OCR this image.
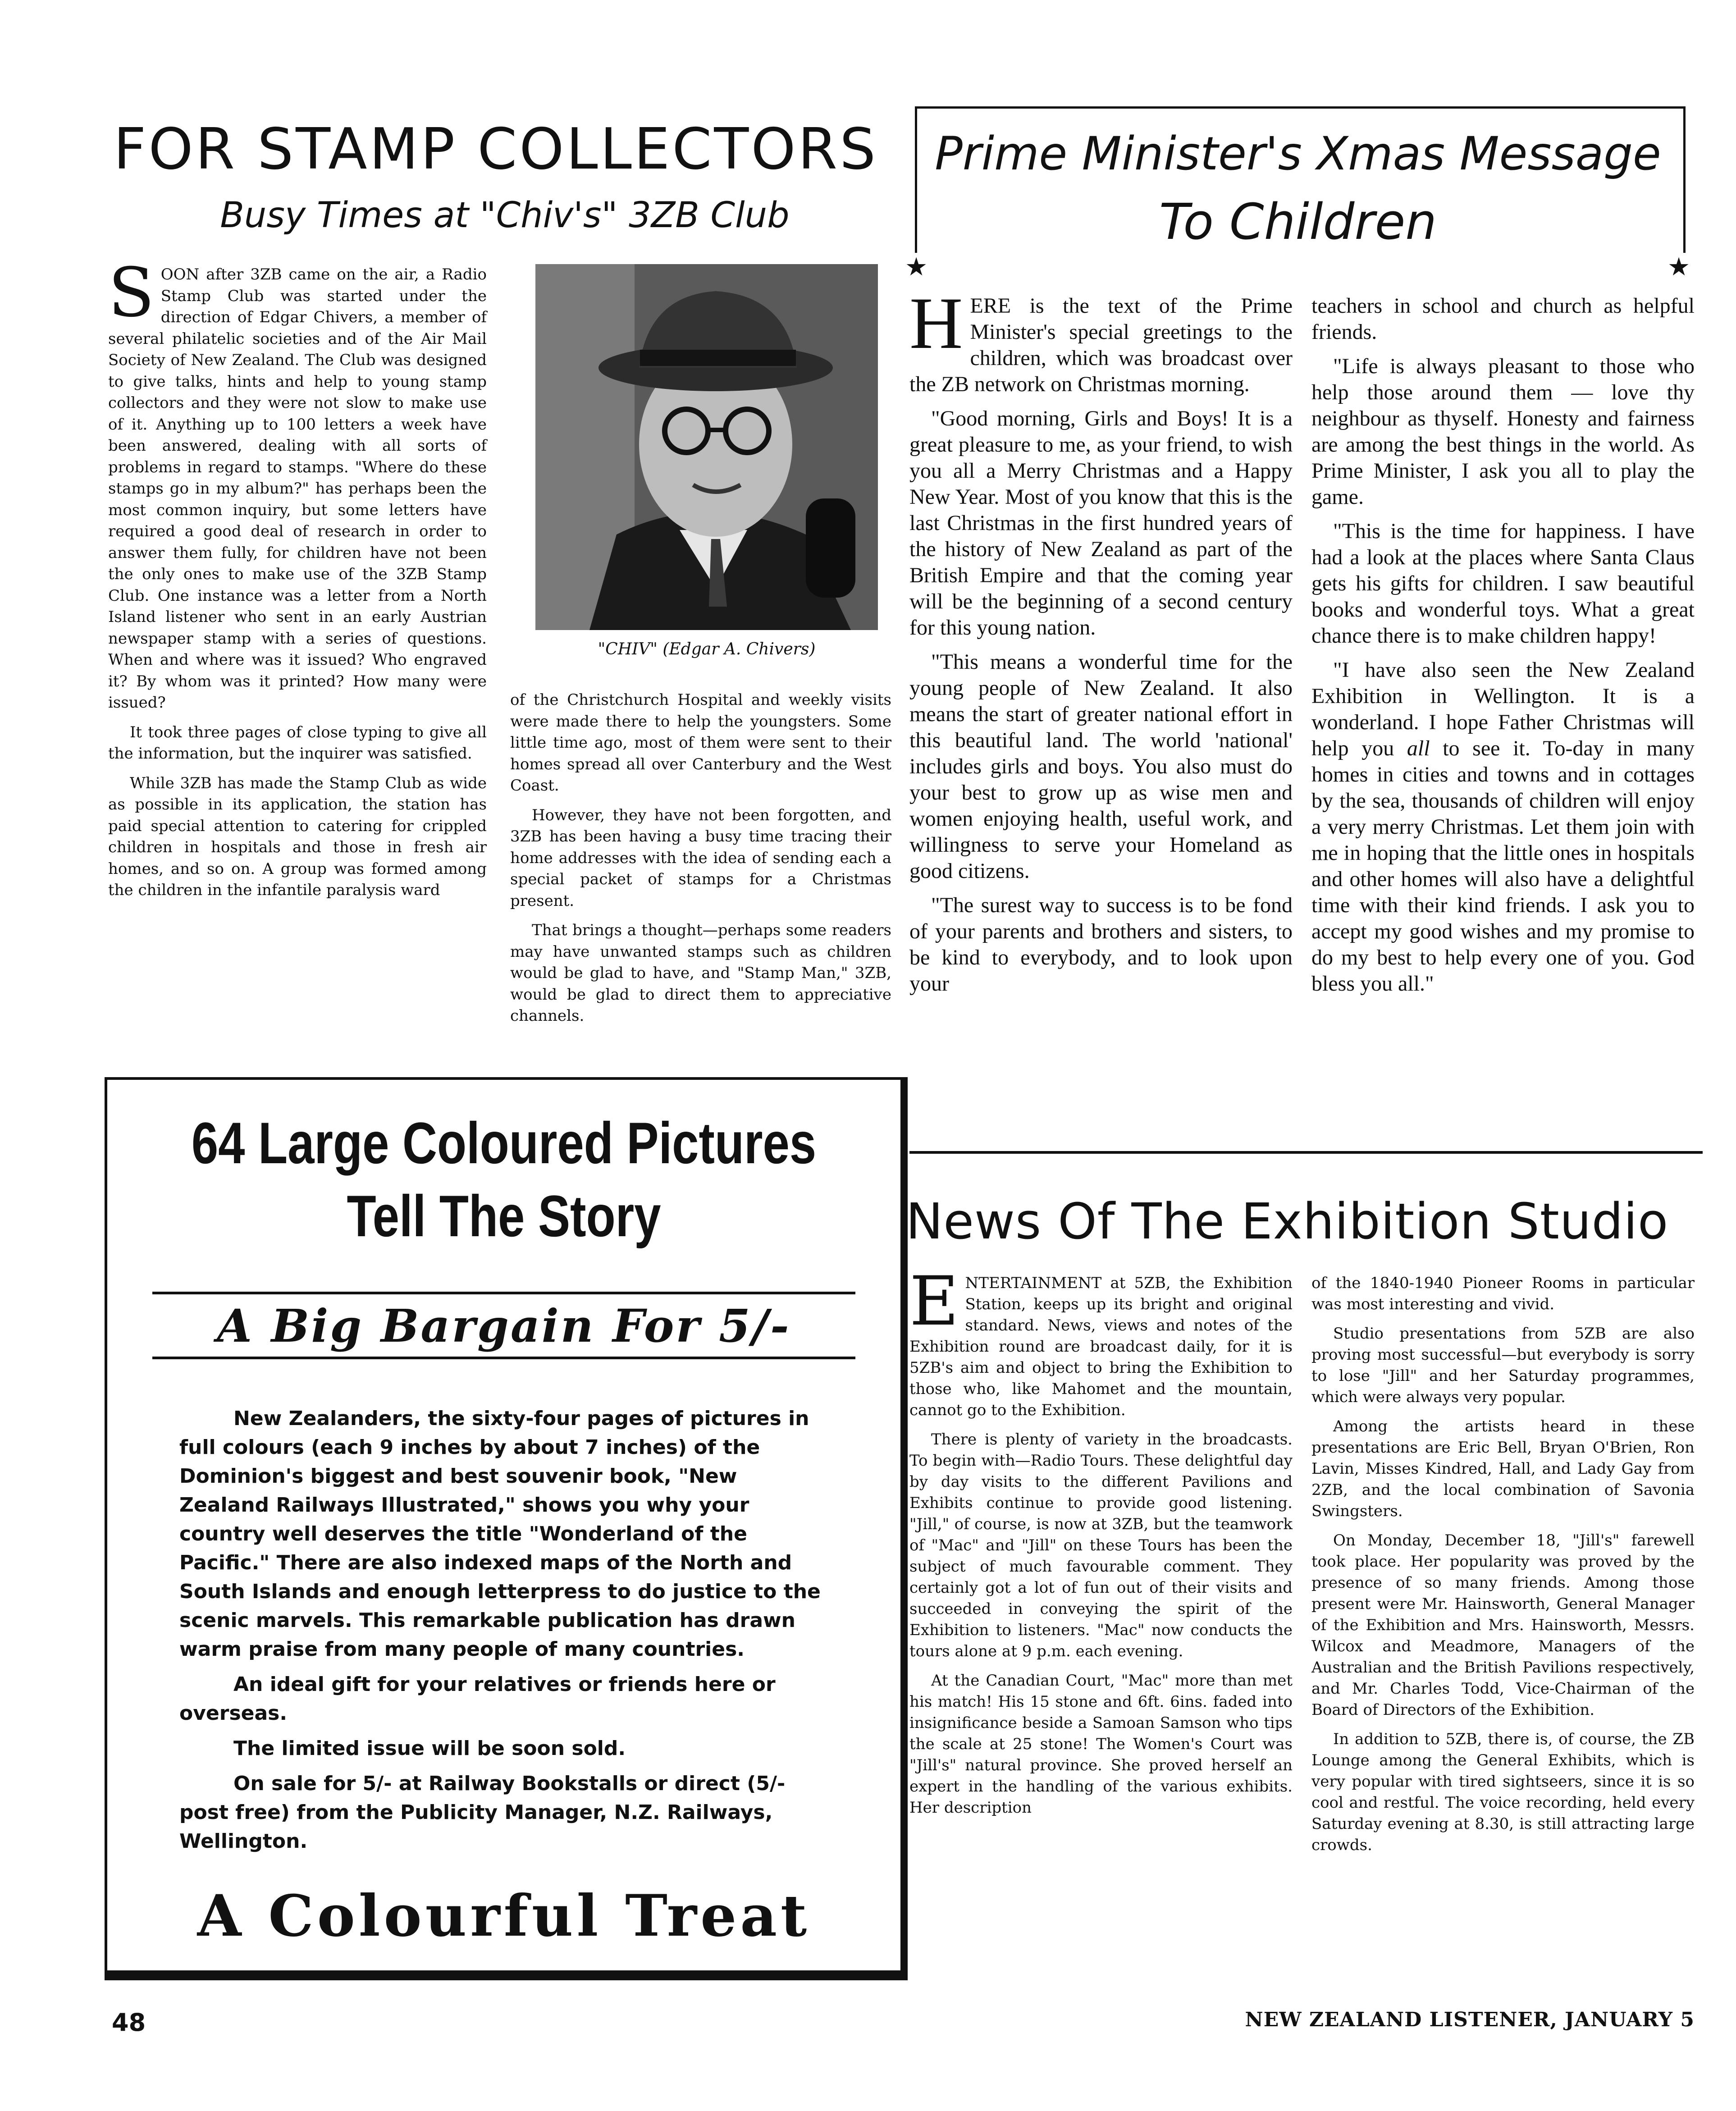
FOR STAMP COLLECTORS
Busy Times at "Chiv's" 3ZB Club
"CHIV" (Edgar A. Chivers)

SOON after 3ZB came on the air, a Radio Stamp Club was started under the direction of Edgar Chivers, a member of several philatelic societies and of the Air Mail Society of New Zealand. The Club was designed to give talks, hints and help to young stamp collectors and they were not slow to make use of it. Anything up to 100 letters a week have been answered, dealing with all sorts of problems in regard to stamps. "Where do these stamps go in my album?" has perhaps been the most common inquiry, but some letters have required a good deal of research in order to answer them fully, for children have not been the only ones to make use of the 3ZB Stamp Club. One instance was a letter from a North Island listener who sent in an early Austrian newspaper stamp with a series of questions. When and where was it issued? Who engraved it? By whom was it printed? How many were issued?

It took three pages of close typing to give all the information, but the inquirer was satisfied.

While 3ZB has made the Stamp Club as wide as possible in its application, the station has paid special attention to catering for crippled children in hospitals and those in fresh air homes, and so on. A group was formed among the children in the infantile paralysis ward

of the Christchurch Hospital and weekly visits were made there to help the youngsters. Some little time ago, most of them were sent to their homes spread all over Canterbury and the West Coast.

However, they have not been forgotten, and 3ZB has been having a busy time tracing their home addresses with the idea of sending each a special packet of stamps for a Christmas present.

That brings a thought—perhaps some readers may have unwanted stamps such as children would be glad to have, and "Stamp Man," 3ZB, would be glad to direct them to appreciative channels.

Prime Minister's Xmas Message
To Children
★	★

HERE is the text of the Prime Minister's special greetings to the children, which was broadcast over the ZB network on Christmas morning.

"Good morning, Girls and Boys! It is a great pleasure to me, as your friend, to wish you all a Merry Christmas and a Happy New Year. Most of you know that this is the last Christmas in the first hundred years of the history of New Zealand as part of the British Empire and that the coming year will be the beginning of a second century for this young nation.

"This means a wonderful time for the young people of New Zealand. It also means the start of greater national effort in this beautiful land. The world 'national' includes girls and boys. You also must do your best to grow up as wise men and women enjoying health, useful work, and willingness to serve your Homeland as good citizens.

"The surest way to success is to be fond of your parents and brothers and sisters, to be kind to everybody, and to look upon your

teachers in school and church as helpful friends.

"Life is always pleasant to those who help those around them — love thy neighbour as thyself. Honesty and fairness are among the best things in the world. As Prime Minister, I ask you all to play the game.

"This is the time for happiness. I have had a look at the places where Santa Claus gets his gifts for children. I saw beautiful books and wonderful toys. What a great chance there is to make children happy!

"I have also seen the New Zealand Exhibition in Wellington. It is a wonderland. I hope Father Christmas will help you all to see it. To-day in many homes in cities and towns and in cottages by the sea, thousands of children will enjoy a very merry Christmas. Let them join with me in hoping that the little ones in hospitals and other homes will also have a delightful time with their kind friends. I ask you to accept my good wishes and my promise to do my best to help every one of you. God bless you all."

64 Large Coloured Pictures
Tell The Story
A Big Bargain For 5/-

New Zealanders, the sixty-four pages of pictures in full colours (each 9 inches by about 7 inches) of the Dominion's biggest and best souvenir book, "New Zealand Railways Illustrated," shows you why your country well deserves the title "Wonderland of the Pacific." There are also indexed maps of the North and South Islands and enough letterpress to do justice to the scenic marvels. This remarkable publication has drawn warm praise from many people of many countries.

An ideal gift for your relatives or friends here or overseas.

The limited issue will be soon sold.

On sale for 5/- at Railway Bookstalls or direct (5/- post free) from the Publicity Manager, N.Z. Railways, Wellington.

A Colourful Treat
News Of The Exhibition Studio

ENTERTAINMENT at 5ZB, the Exhibition Station, keeps up its bright and original standard. News, views and notes of the Exhibition round are broadcast daily, for it is 5ZB's aim and object to bring the Exhibition to those who, like Mahomet and the mountain, cannot go to the Exhibition.

There is plenty of variety in the broadcasts. To begin with—Radio Tours. These delightful day by day visits to the different Pavilions and Exhibits continue to provide good listening. "Jill," of course, is now at 3ZB, but the teamwork of "Mac" and "Jill" on these Tours has been the subject of much favourable comment. They certainly got a lot of fun out of their visits and succeeded in conveying the spirit of the Exhibition to listeners. "Mac" now conducts the tours alone at 9 p.m. each evening.

At the Canadian Court, "Mac" more than met his match! His 15 stone and 6ft. 6ins. faded into insignificance beside a Samoan Samson who tips the scale at 25 stone! The Women's Court was "Jill's" natural province. She proved herself an expert in the handling of the various exhibits. Her description

of the 1840-1940 Pioneer Rooms in particular was most interesting and vivid.

Studio presentations from 5ZB are also proving most successful—but everybody is sorry to lose "Jill" and her Saturday programmes, which were always very popular.

Among the artists heard in these presentations are Eric Bell, Bryan O'Brien, Ron Lavin, Misses Kindred, Hall, and Lady Gay from 2ZB, and the local combination of Savonia Swingsters.

On Monday, December 18, "Jill's" farewell took place. Her popularity was proved by the presence of so many friends. Among those present were Mr. Hainsworth, General Manager of the Exhibition and Mrs. Hainsworth, Messrs. Wilcox and Meadmore, Managers of the Australian and the British Pavilions respectively, and Mr. Charles Todd, Vice-Chairman of the Board of Directors of the Exhibition.

In addition to 5ZB, there is, of course, the ZB Lounge among the General Exhibits, which is very popular with tired sightseers, since it is so cool and restful. The voice recording, held every Saturday evening at 8.30, is still attracting large crowds.

48	NEW ZEALAND LISTENER, JANUARY 5
